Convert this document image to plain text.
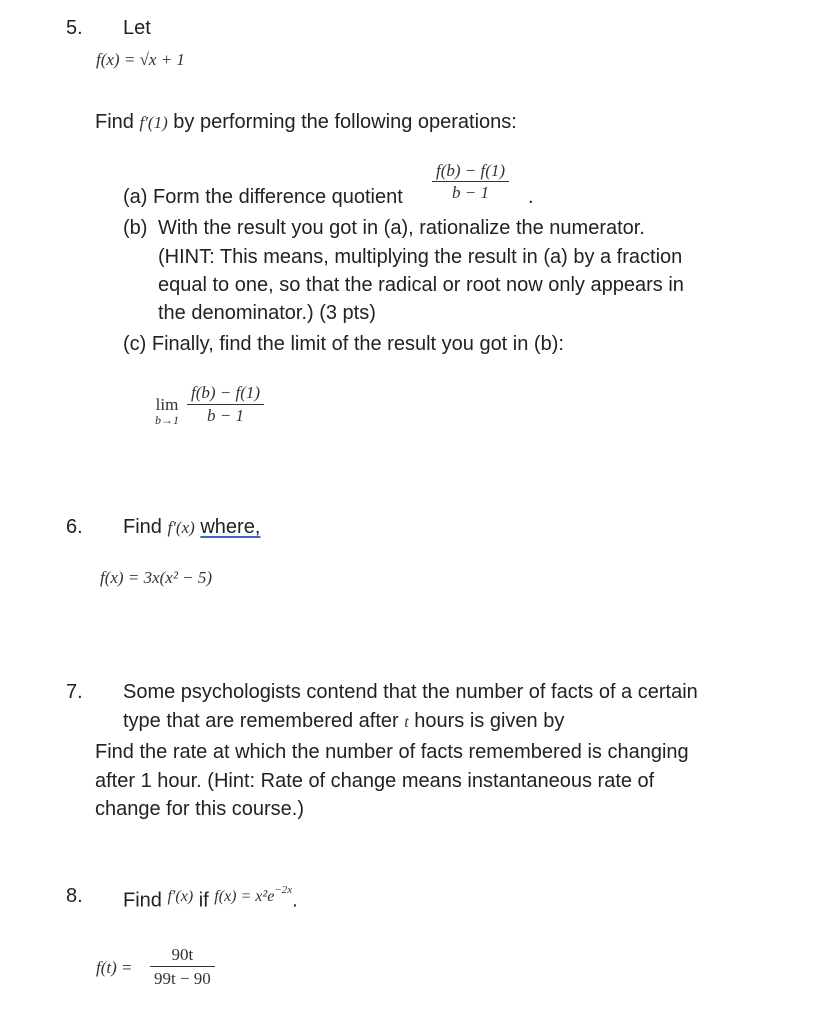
5. Let
f(x) = √x + 1
Find f′(1) by performing the following operations:
(a) Form the difference quotient $\frac{f(b) - f(1)}{b - 1}$ .
(b) With the result you got in (a), rationalize the numerator.
(HINT: This means, multiplying the result in (a) by a fraction
equal to one, so that the radical or root now only appears in
the denominator.) (3 pts)
(c) Finally, find the limit of the result you got in (b):
lim
$b\to 1 \frac{f(b) - f(1)}{b - 1}$
6. Find f′(x) where,
f(x) = 3x(x² − 5)
7. Some psychologists contend that the number of facts of a certain
type that are remembered after t hours is given by
Find the rate at which the number of facts remembered is changing
after 1 hour. (Hint: Rate of change means instantaneous rate of
change for this course.)
8. Find $^{f'(x)}$ if $^{f(x) = x^2e-2x}$.
$f(t) = \frac{90t}{99t - 90}$
